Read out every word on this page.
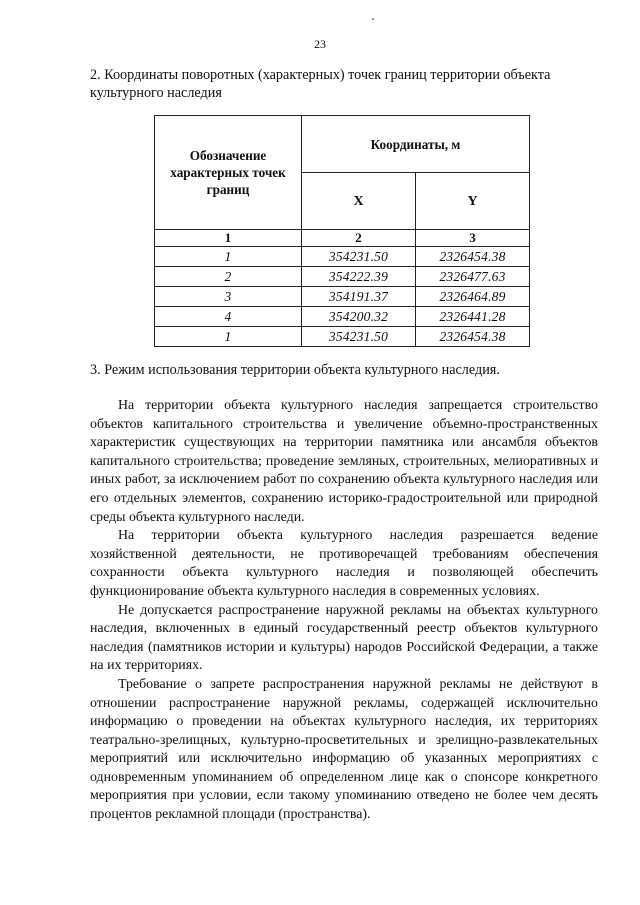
23
2. Координаты поворотных (характерных) точек границ территории объекта культурного наследия
Обозначение характерных точек границ	Координаты, м	
	X	Y
1	2	3
1	354231.50	2326454.38
2	354222.39	2326477.63
3	354191.37	2326464.89
4	354200.32	2326441.28
1	354231.50	2326454.38
3. Режим использования территории объекта культурного наследия.

На территории объекта культурного наследия запрещается строительство объектов капитального строительства и увеличение объемно-пространственных характеристик существующих на территории памятника или ансамбля объектов капитального строительства; проведение земляных, строительных, мелиоративных и иных работ, за исключением работ по сохранению объекта культурного наследия или его отдельных элементов, сохранению историко-градостроительной или природной среды объекта культурного наследи.

На территории объекта культурного наследия разрешается ведение хозяйственной деятельности, не противоречащей требованиям обеспечения сохранности объекта культурного наследия и позволяющей обеспечить функционирование объекта культурного наследия в современных условиях.

Не допускается распространение наружной рекламы на объектах культурного наследия, включенных в единый государственный реестр объектов культурного наследия (памятников истории и культуры) народов Российской Федерации, а также на их территориях.

Требование о запрете распространения наружной рекламы не действуют в отношении распространение наружной рекламы, содержащей исключительно информацию о проведении на объектах культурного наследия, их территориях театрально-зрелищных, культурно-просветительных и зрелищно-развлекательных мероприятий или исключительно информацию об указанных мероприятиях с одновременным упоминанием об определенном лице как о спонсоре конкретного мероприятия при условии, если такому упоминанию отведено не более чем десять процентов рекламной площади (пространства).
